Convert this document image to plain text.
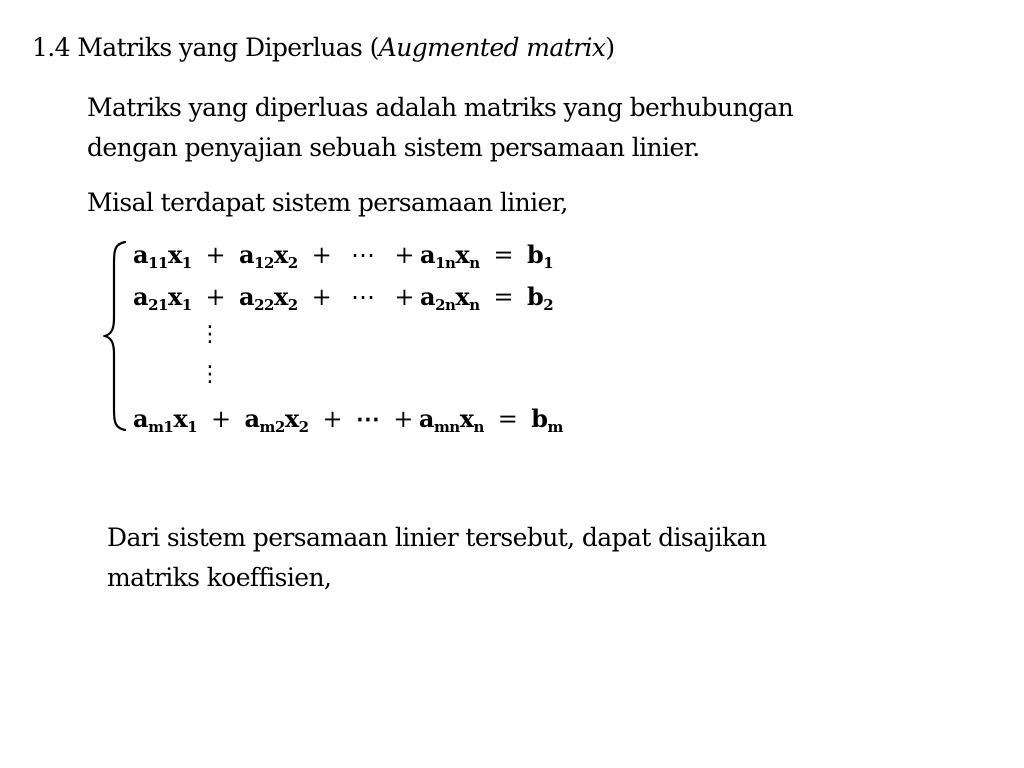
1.4 Matriks yang Diperluas (Augmented matrix)
Matriks yang diperluas adalah matriks yang berhubungan
dengan penyajian sebuah sistem persamaan linier.
Misal terdapat sistem persamaan linier,
$a_{11}x_1 + a_{12}x_2$ + ⋯ + $a_{1n}x_n = b_1$
$a_{21}x_1 + a_{22}x_2$ + ⋯ + $a_{2n}x_n = b_2$
⋮
⋮
$a_{m1}x_1 + a_{m2}x_2$ + ⋯ + $a_{mn}x_n = b_m$
Dari sistem persamaan linier tersebut, dapat disajikan
matriks koeffisien,
